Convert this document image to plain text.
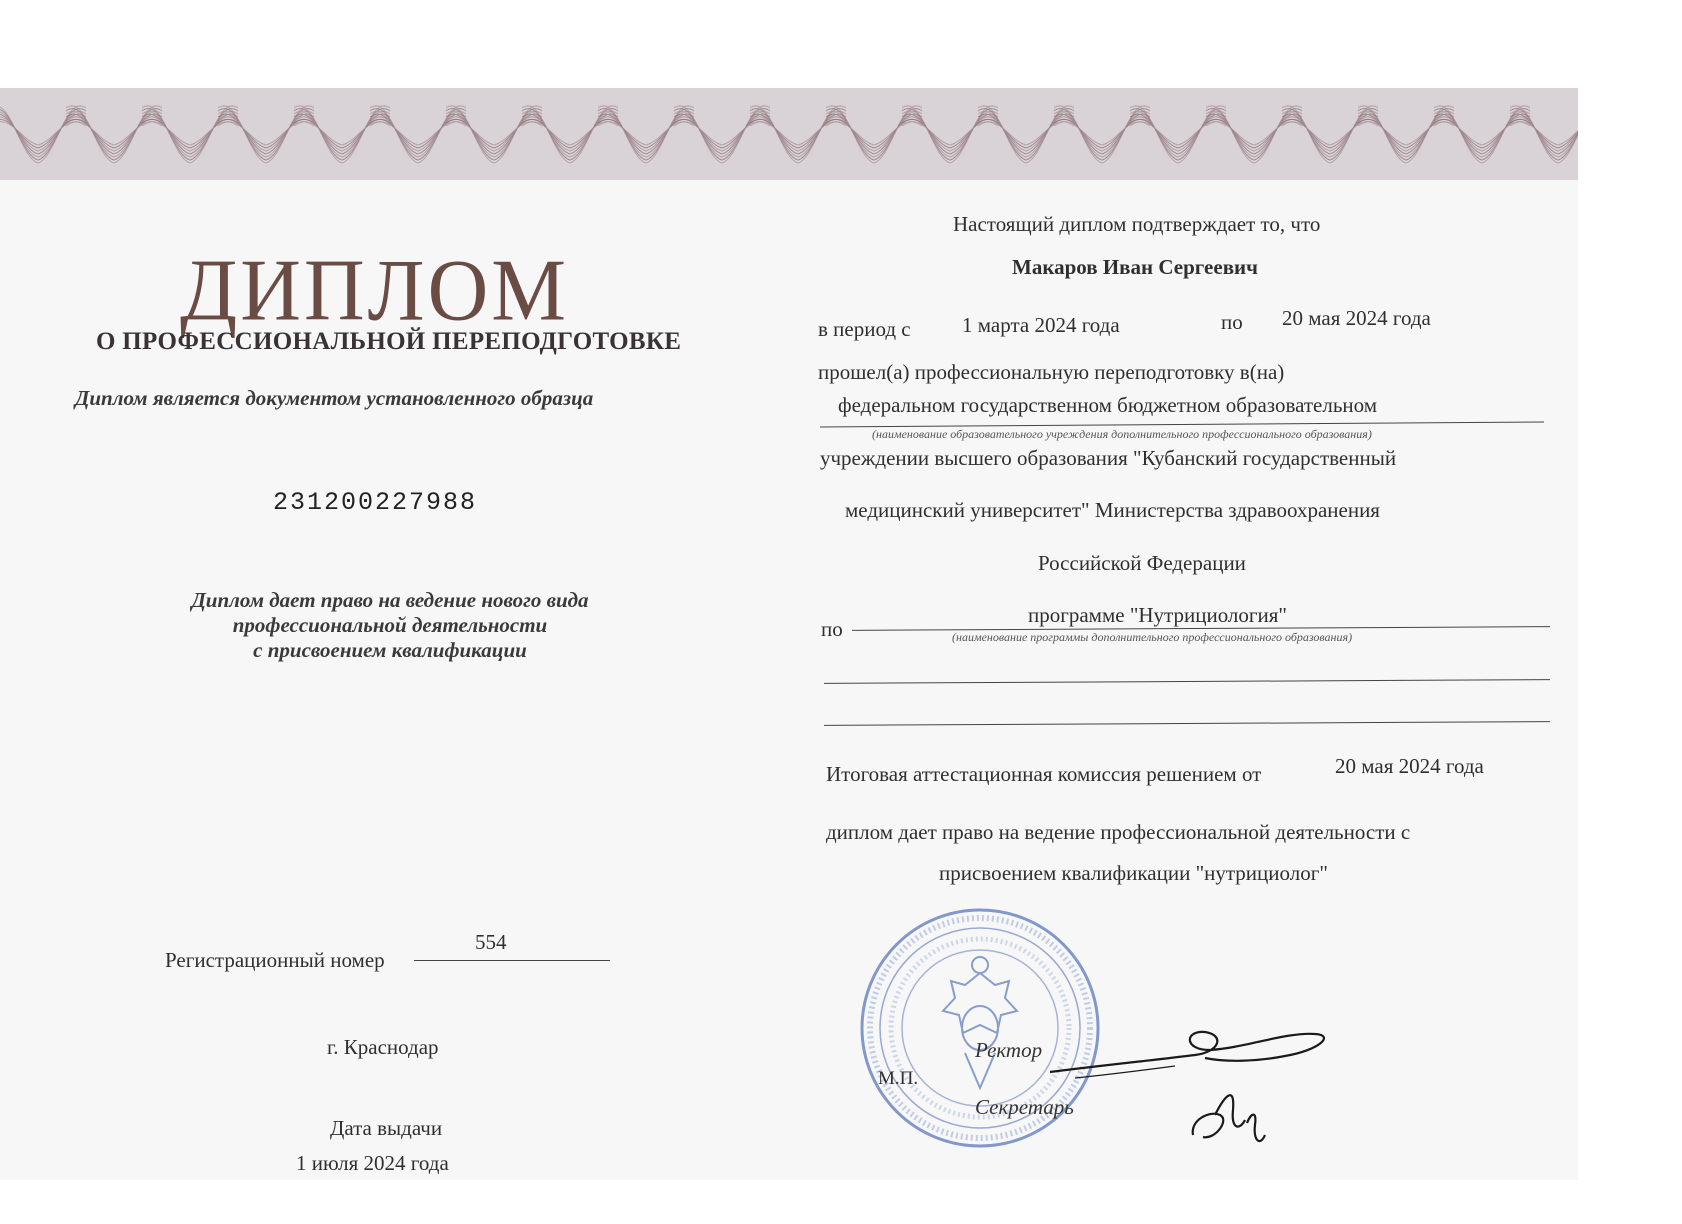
ДИПЛОМ
О ПРОФЕССИОНАЛЬНОЙ ПЕРЕПОДГОТОВКЕ
Диплом является документом установленного образца
231200227988
Диплом дает право на ведение нового вида
профессиональной деятельности
с присвоением квалификации
Регистрационный номер
554
г. Краснодар
Дата выдачи
1 июля 2024 года
Настоящий диплом подтверждает то, что
Макаров Иван Сергеевич
в период с 1 марта 2024 года	по 20 мая 2024 года
прошел(а) профессиональную переподготовку в(на)
федеральном государственном бюджетном образовательном
(наименование образовательного учреждения дополнительного профессионального образования)
учреждении высшего образования "Кубанский государственный
медицинский университет" Министерства здравоохранения
Российской Федерации
по
программе "Нутрициология"
(наименование программы дополнительного профессионального образования)
Итоговая аттестационная комиссия решением от	20 мая 2024 года
диплом дает право на ведение профессиональной деятельности с
присвоением квалификации "нутрициолог"
Ректор
М.П.
Секретарь
